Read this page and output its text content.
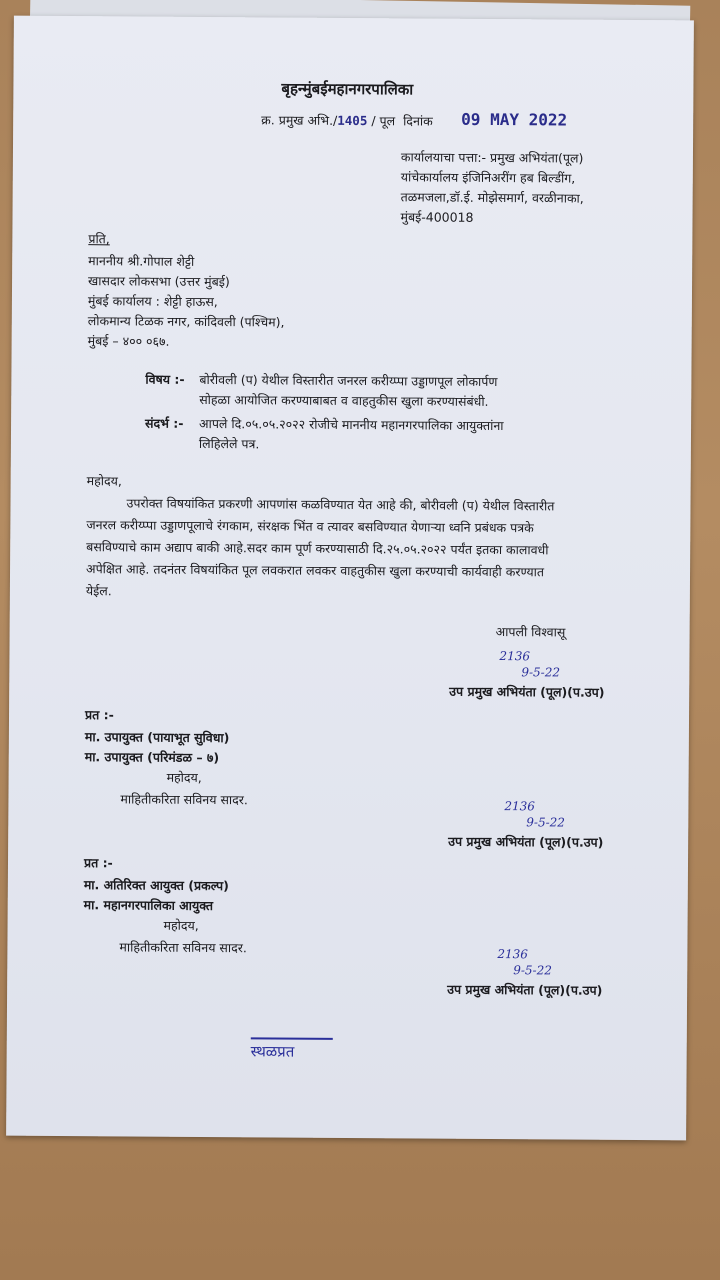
बृहन्मुंबईमहानगरपालिका
क्र. प्रमुख अभि./1405 / पूल दिनांक 09 MAY 2022
कार्यालयाचा पत्ता:- प्रमुख अभियंता(पूल)
यांचेकार्यालय इंजिनिअरींग हब बिल्डींग,
तळमजला,डॉ.ई. मोझेसमार्ग, वरळीनाका,
मुंबई-400018
प्रति,
माननीय श्री.गोपाल शेट्टी
खासदार लोकसभा (उत्तर मुंबई)
मुंबई कार्यालय : शेट्टी हाऊस,
लोकमान्य टिळक नगर, कांदिवली (पश्चिम),
मुंबई – ४०० ०६७.
विषय :- बोरीवली (प) येथील विस्तारीत जनरल करीय्प्पा उड्डाणपूल लोकार्पण
सोहळा आयोजित करण्याबाबत व वाहतुकीस खुला करण्यासंबंधी.
संदर्भ :- आपले दि.०५.०५.२०२२ रोजीचे माननीय महानगरपालिका आयुक्तांना
लिहिलेले पत्र.
महोदय,
उपरोक्त विषयांकित प्रकरणी आपणांस कळविण्यात येत आहे की, बोरीवली (प) येथील विस्तारीत
जनरल करीय्प्पा उड्डाणपूलाचे रंगकाम, संरक्षक भिंत व त्यावर बसविण्यात येणाऱ्या ध्वनि प्रबंधक पत्रके
बसविण्याचे काम अद्याप बाकी आहे.सदर काम पूर्ण करण्यासाठी दि.२५.०५.२०२२ पर्यंत इतका कालावधी
अपेक्षित आहे. तदनंतर विषयांकित पूल लवकरात लवकर वाहतुकीस खुला करण्याची कार्यवाही करण्यात
येईल.
आपली विश्वासू
2136
9-5-22
उप प्रमुख अभियंता (पूल)(प.उप)
प्रत :-
मा. उपायुक्त (पायाभूत सुविधा)
मा. उपायुक्त (परिमंडळ – ७)
महोदय,
माहितीकरिता सविनय सादर.	2136
9-5-22
उप प्रमुख अभियंता (पूल)(प.उप)
प्रत :-
मा. अतिरिक्त आयुक्त (प्रकल्प)
मा. महानगरपालिका आयुक्त
महोदय,
माहितीकरिता सविनय सादर.	2136
9-5-22
उप प्रमुख अभियंता (पूल)(प.उप)
स्थळप्रत
